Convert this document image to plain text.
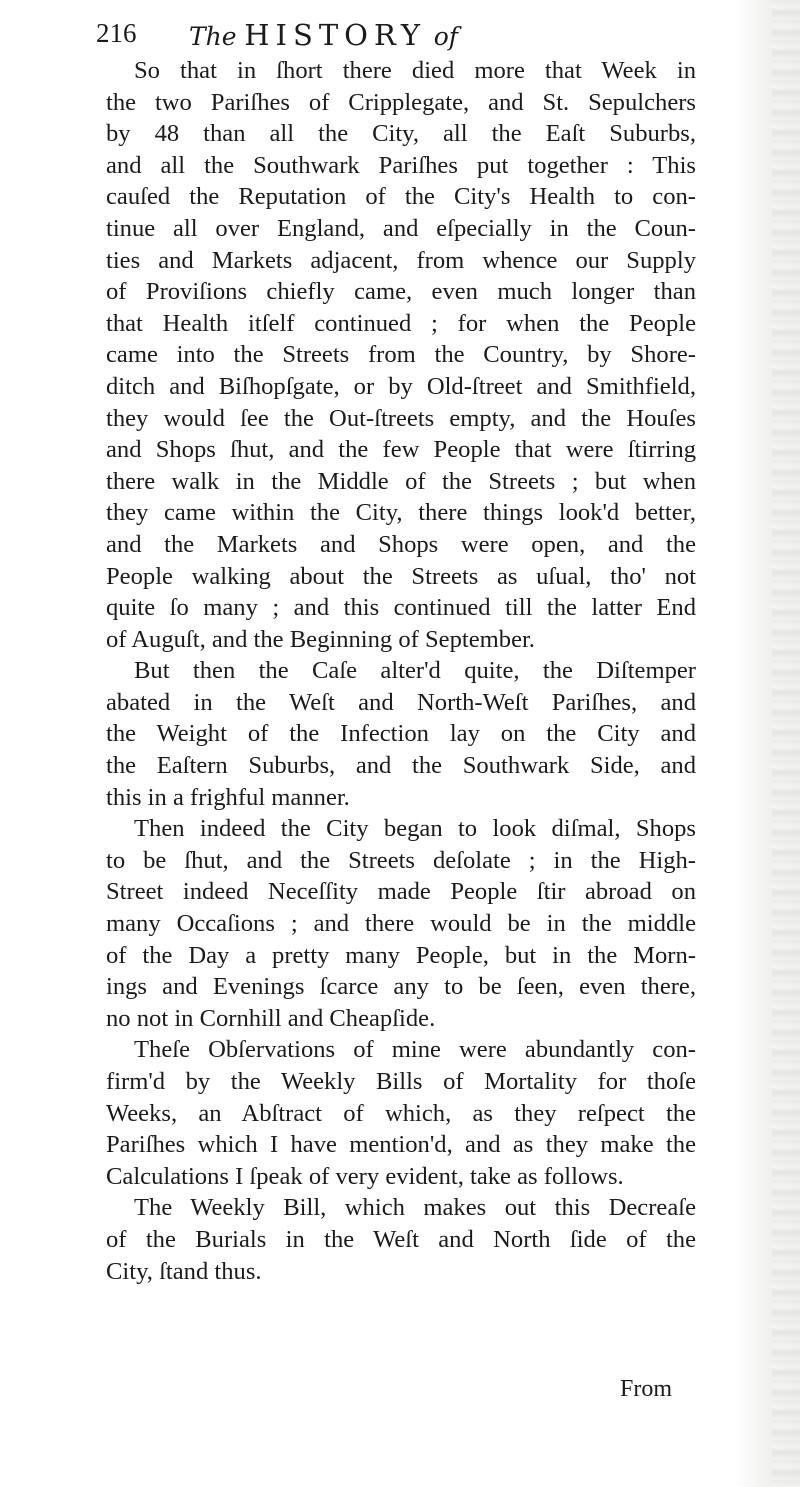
216 The HISTORY of
So that in ſhort there died more that Week in
the two Pariſhes of Cripplegate, and St. Sepulchers
by 48 than all the City, all the Eaſt Suburbs,
and all the Southwark Pariſhes put together : This
cauſed the Reputation of the City's Health to con-
tinue all over England, and eſpecially in the Coun-
ties and Markets adjacent, from whence our Supply
of Proviſions chiefly came, even much longer than
that Health itſelf continued ; for when the People
came into the Streets from the Country, by Shore-
ditch and Biſhopſgate, or by Old-ſtreet and Smithfield,
they would ſee the Out-ſtreets empty, and the Houſes
and Shops ſhut, and the few People that were ſtirring
there walk in the Middle of the Streets ; but when
they came within the City, there things look'd better,
and the Markets and Shops were open, and the
People walking about the Streets as uſual, tho' not
quite ſo many ; and this continued till the latter End
of Auguſt, and the Beginning of September.
But then the Caſe alter'd quite, the Diſtemper
abated in the Weſt and North-Weſt Pariſhes, and
the Weight of the Infection lay on the City and
the Eaſtern Suburbs, and the Southwark Side, and
this in a frighful manner.
Then indeed the City began to look diſmal, Shops
to be ſhut, and the Streets deſolate ; in the High-
Street indeed Neceſſity made People ſtir abroad on
many Occaſions ; and there would be in the middle
of the Day a pretty many People, but in the Morn-
ings and Evenings ſcarce any to be ſeen, even there,
no not in Cornhill and Cheapſide.
Theſe Obſervations of mine were abundantly con-
firm'd by the Weekly Bills of Mortality for thoſe
Weeks, an Abſtract of which, as they reſpect the
Pariſhes which I have mention'd, and as they make the
Calculations I ſpeak of very evident, take as follows.
The Weekly Bill, which makes out this Decreaſe
of the Burials in the Weſt and North ſide of the
City, ſtand thus.
From
